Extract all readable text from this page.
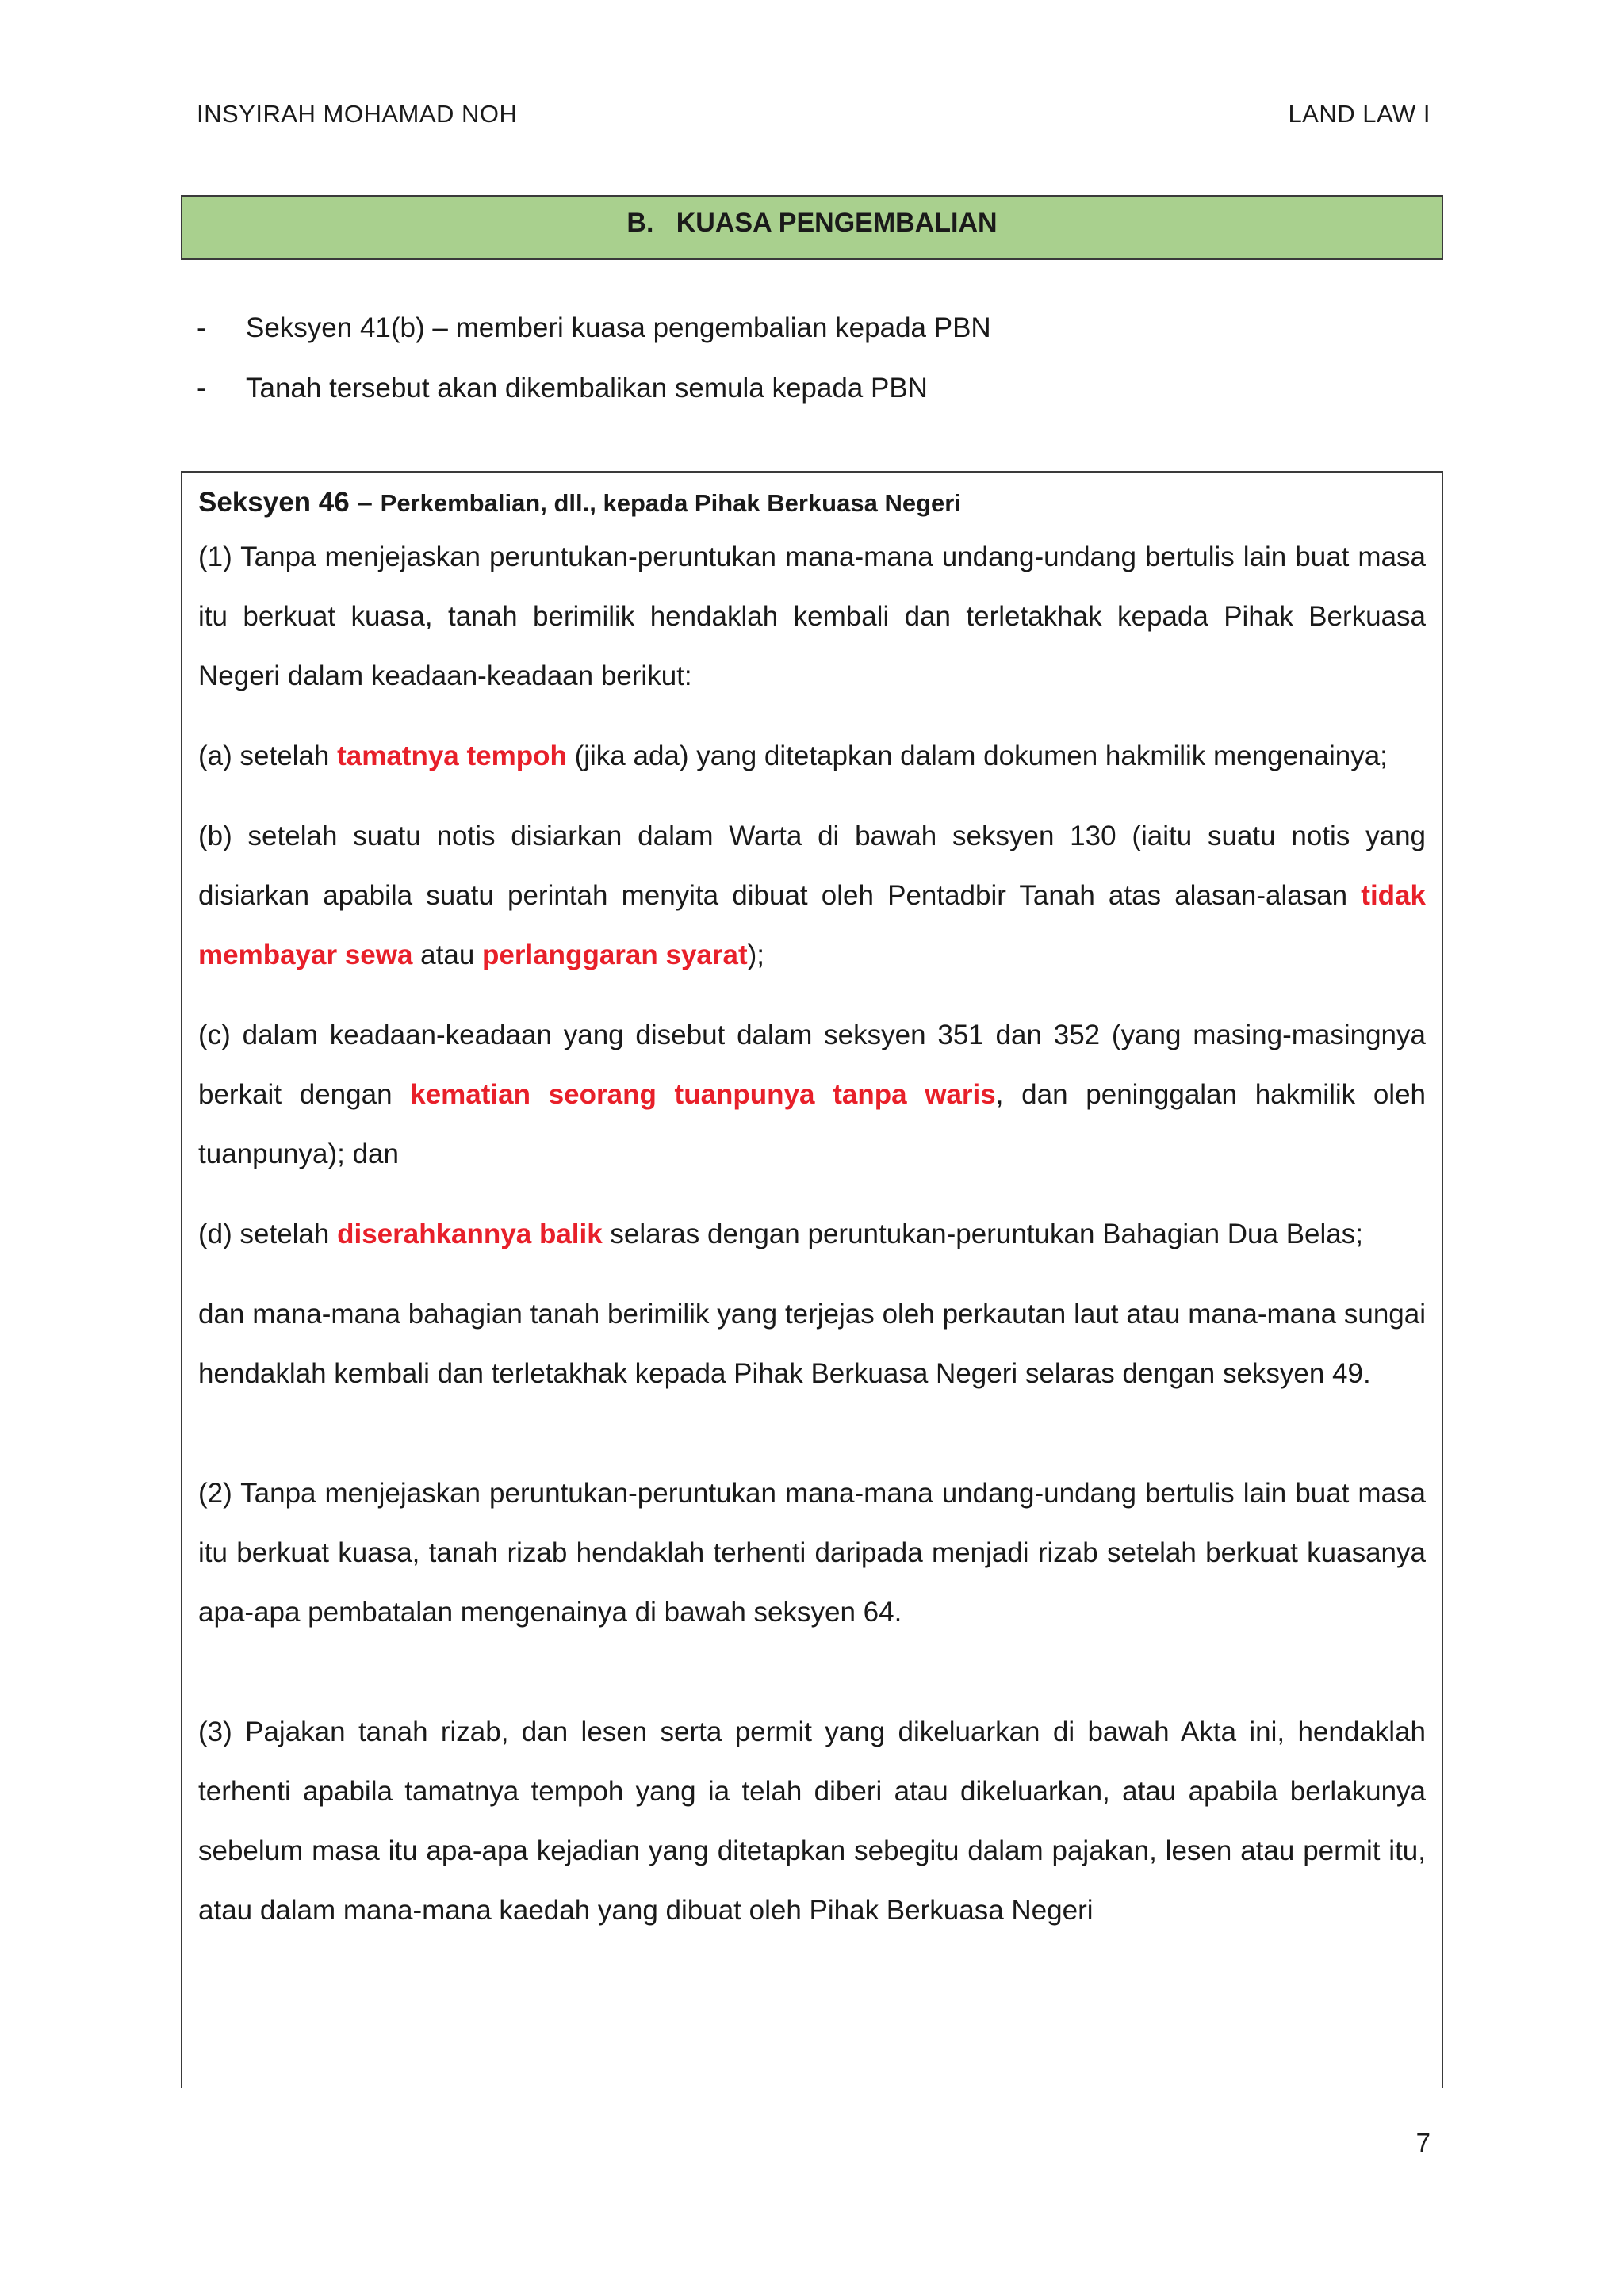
INSYIRAH MOHAMAD NOH	LAND LAW I
B.   KUASA PENGEMBALIAN
- Seksyen 41(b) – memberi kuasa pengembalian kepada PBN
- Tanah tersebut akan dikembalikan semula kepada PBN

Seksyen 46 – Perkembalian, dll., kepada Pihak Berkuasa Negeri

(1) Tanpa menjejaskan peruntukan-peruntukan mana-mana undang-undang bertulis lain buat masa itu berkuat kuasa, tanah berimilik hendaklah kembali dan terletakhak kepada Pihak Berkuasa Negeri dalam keadaan-keadaan berikut:

(a) setelah tamatnya tempoh (jika ada) yang ditetapkan dalam dokumen hakmilik mengenainya;

(b) setelah suatu notis disiarkan dalam Warta di bawah seksyen 130 (iaitu suatu notis yang disiarkan apabila suatu perintah menyita dibuat oleh Pentadbir Tanah atas alasan-alasan tidak membayar sewa atau perlanggaran syarat);

(c) dalam keadaan-keadaan yang disebut dalam seksyen 351 dan 352 (yang masing-masingnya berkait dengan kematian seorang tuanpunya tanpa waris, dan peninggalan hakmilik oleh tuanpunya); dan

(d) setelah diserahkannya balik selaras dengan peruntukan-peruntukan Bahagian Dua Belas;

dan mana-mana bahagian tanah berimilik yang terjejas oleh perkautan laut atau mana-mana sungai hendaklah kembali dan terletakhak kepada Pihak Berkuasa Negeri selaras dengan seksyen 49.

(2) Tanpa menjejaskan peruntukan-peruntukan mana-mana undang-undang bertulis lain buat masa itu berkuat kuasa, tanah rizab hendaklah terhenti daripada menjadi rizab setelah berkuat kuasanya apa-apa pembatalan mengenainya di bawah seksyen 64.

(3) Pajakan tanah rizab, dan lesen serta permit yang dikeluarkan di bawah Akta ini, hendaklah terhenti apabila tamatnya tempoh yang ia telah diberi atau dikeluarkan, atau apabila berlakunya sebelum masa itu apa-apa kejadian yang ditetapkan sebegitu dalam pajakan, lesen atau permit itu, atau dalam mana-mana kaedah yang dibuat oleh Pihak Berkuasa Negeri

7
